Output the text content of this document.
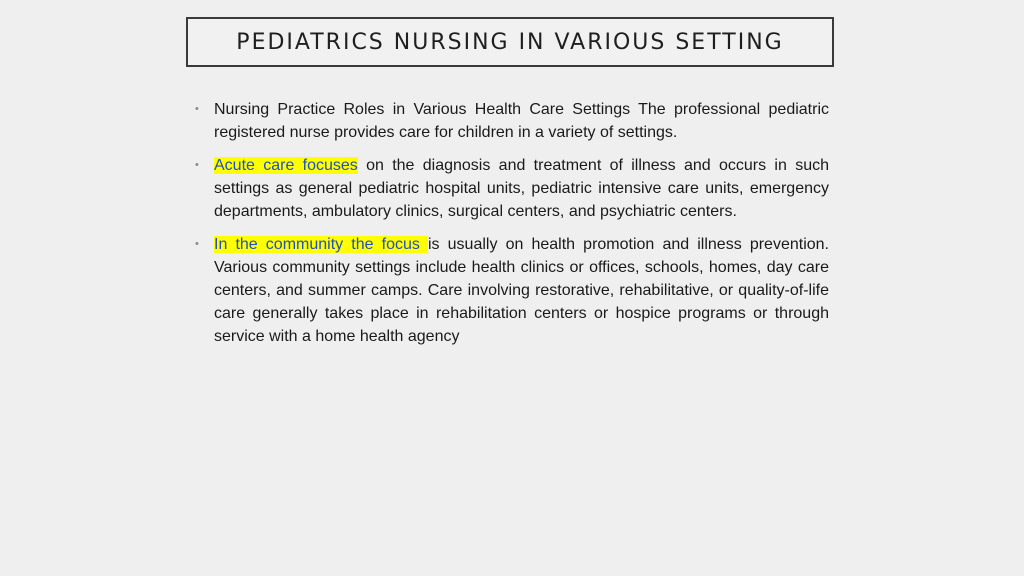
PEDIATRICS NURSING IN VARIOUS SETTING
• Nursing Practice Roles in Various Health Care Settings The professional pediatric registered nurse provides care for children in a variety of settings.
• Acute care focuses on the diagnosis and treatment of illness and occurs in such settings as general pediatric hospital units, pediatric intensive care units, emergency departments, ambulatory clinics, surgical centers, and psychiatric centers.
• In the community the focus is usually on health promotion and illness prevention. Various community settings include health clinics or offices, schools, homes, day care centers, and summer camps. Care involving restorative, rehabilitative, or quality-of-life care generally takes place in rehabilitation centers or hospice programs or through service with a home health agency
